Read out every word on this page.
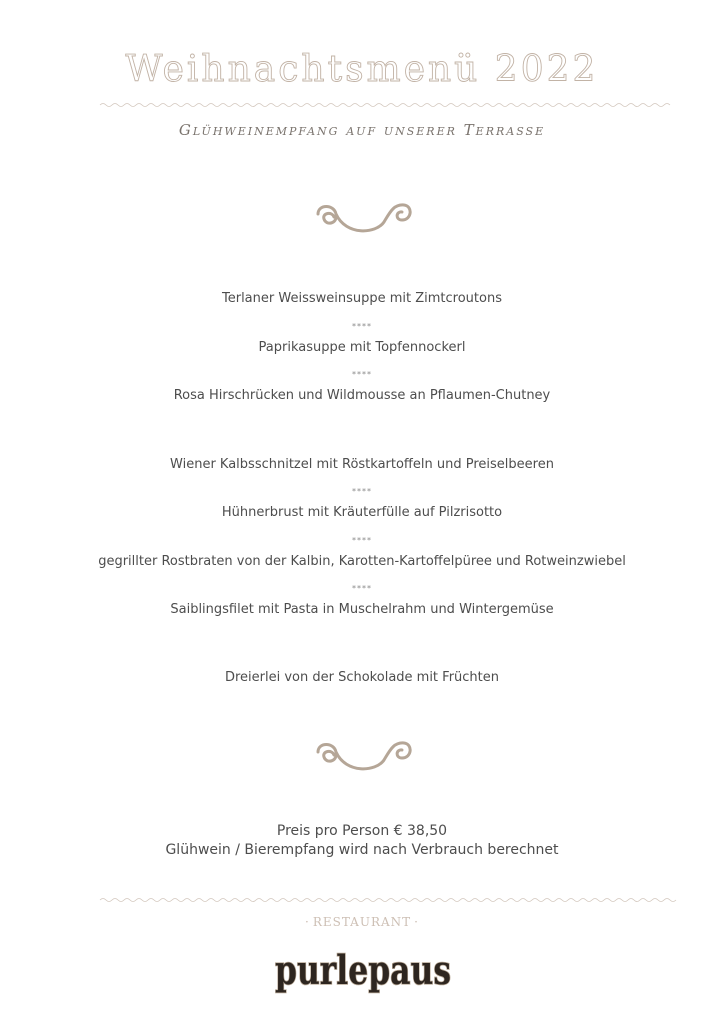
Weihnachtsmenü 2022
Glühweinempfang auf unserer Terrasse
Terlaner Weissweinsuppe mit Zimtcroutons
****
Paprikasuppe mit Topfennockerl
****
Rosa Hirschrücken und Wildmousse an Pflaumen-Chutney
Wiener Kalbsschnitzel mit Röstkartoffeln und Preiselbeeren
****
Hühnerbrust mit Kräuterfülle auf Pilzrisotto
****
gegrillter Rostbraten von der Kalbin, Karotten-Kartoffelpüree und Rotweinzwiebel
****
Saiblingsfilet mit Pasta in Muschelrahm und Wintergemüse
Dreierlei von der Schokolade mit Früchten
Preis pro Person € 38,50
Glühwein / Bierempfang wird nach Verbrauch berechnet
· RESTAURANT ·
purlepaus
